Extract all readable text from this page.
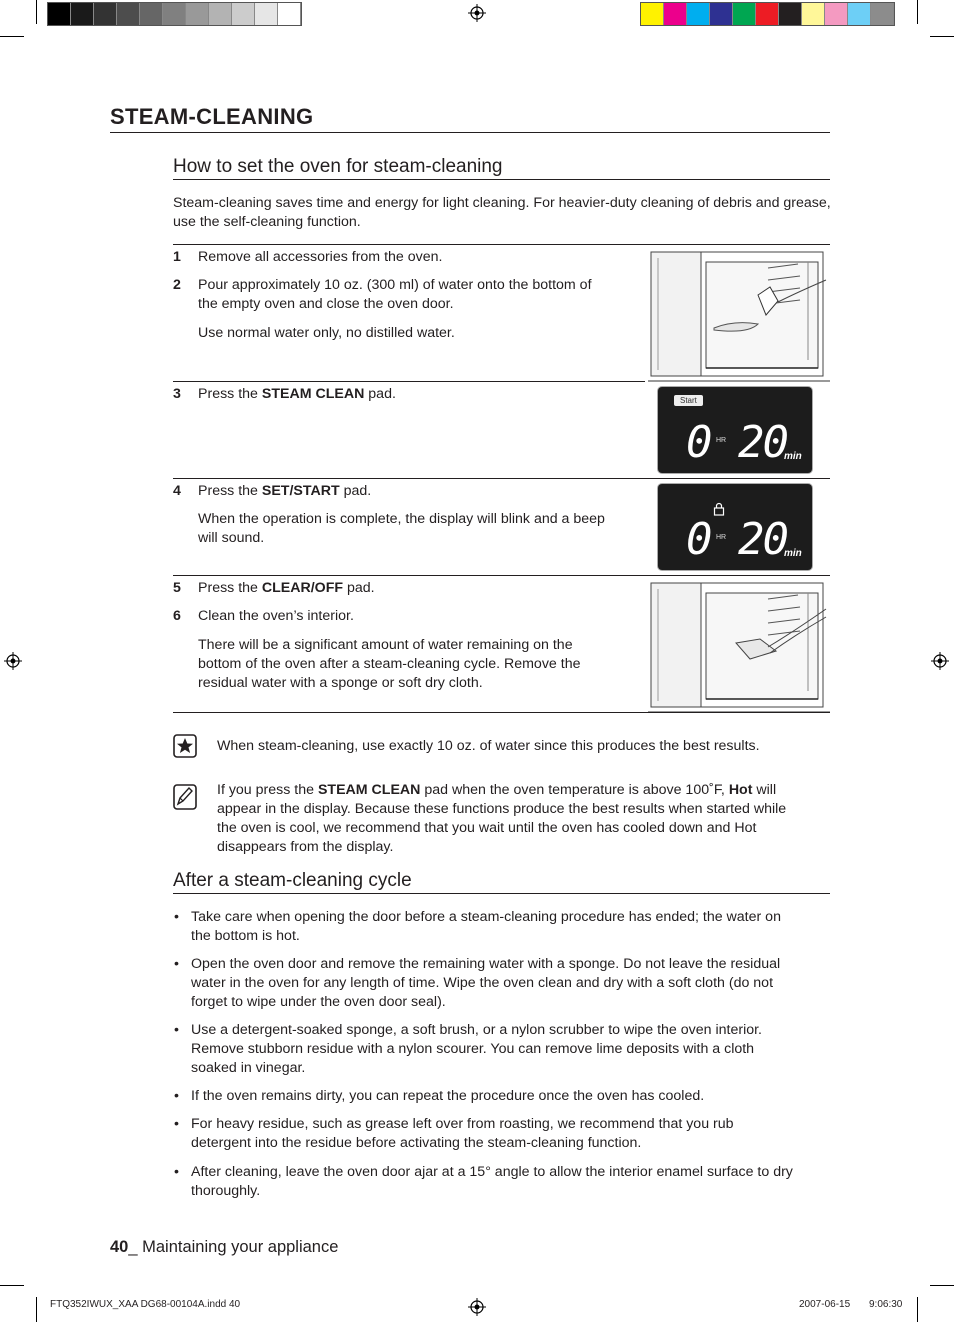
STEAM-CLEANING
How to set the oven for steam-cleaning
Steam-cleaning saves time and energy for light cleaning. For heavier-duty cleaning of debris and grease, use the self-cleaning function.
1 Remove all accessories from the oven.
2 Pour approximately 10 oz. (300 ml) of water onto the bottom of
the empty oven and close the oven door.
Use normal water only, no distilled water.
3 Press the STEAM CLEAN pad.	Start
0 HR 20
min
4 Press the SET/START pad.
When the operation is complete, the display will blink and a beep
will sound.	0 HR 20
min
5 Press the CLEAR/OFF pad.
6 Clean the oven’s interior.
There will be a significant amount of water remaining on the
bottom of the oven after a steam-cleaning cycle. Remove the
residual water with a sponge or soft dry cloth.
When steam-cleaning, use exactly 10 oz. of water since this produces the best results.
If you press the STEAM CLEAN pad when the oven temperature is above 100˚F, Hot will
appear in the display. Because these functions produce the best results when started while
the oven is cool, we recommend that you wait until the oven has cooled down and Hot
disappears from the display.
After a steam-cleaning cycle
• Take care when opening the door before a steam-cleaning procedure has ended; the water on
the bottom is hot.
• Open the oven door and remove the remaining water with a sponge. Do not leave the residual
water in the oven for any length of time. Wipe the oven clean and dry with a soft cloth (do not
forget to wipe under the oven door seal).
• Use a detergent-soaked sponge, a soft brush, or a nylon scrubber to wipe the oven interior.
Remove stubborn residue with a nylon scourer. You can remove lime deposits with a cloth
soaked in vinegar.
• If the oven remains dirty, you can repeat the procedure once the oven has cooled.
• For heavy residue, such as grease left over from roasting, we recommend that you rub
detergent into the residue before activating the steam-cleaning function.
• After cleaning, leave the oven door ajar at a 15° angle to allow the interior enamel surface to dry
thoroughly.
40_ Maintaining your appliance
FTQ352IWUX_XAA DG68-00104A.indd 40	2007-06-15 9:06:30
